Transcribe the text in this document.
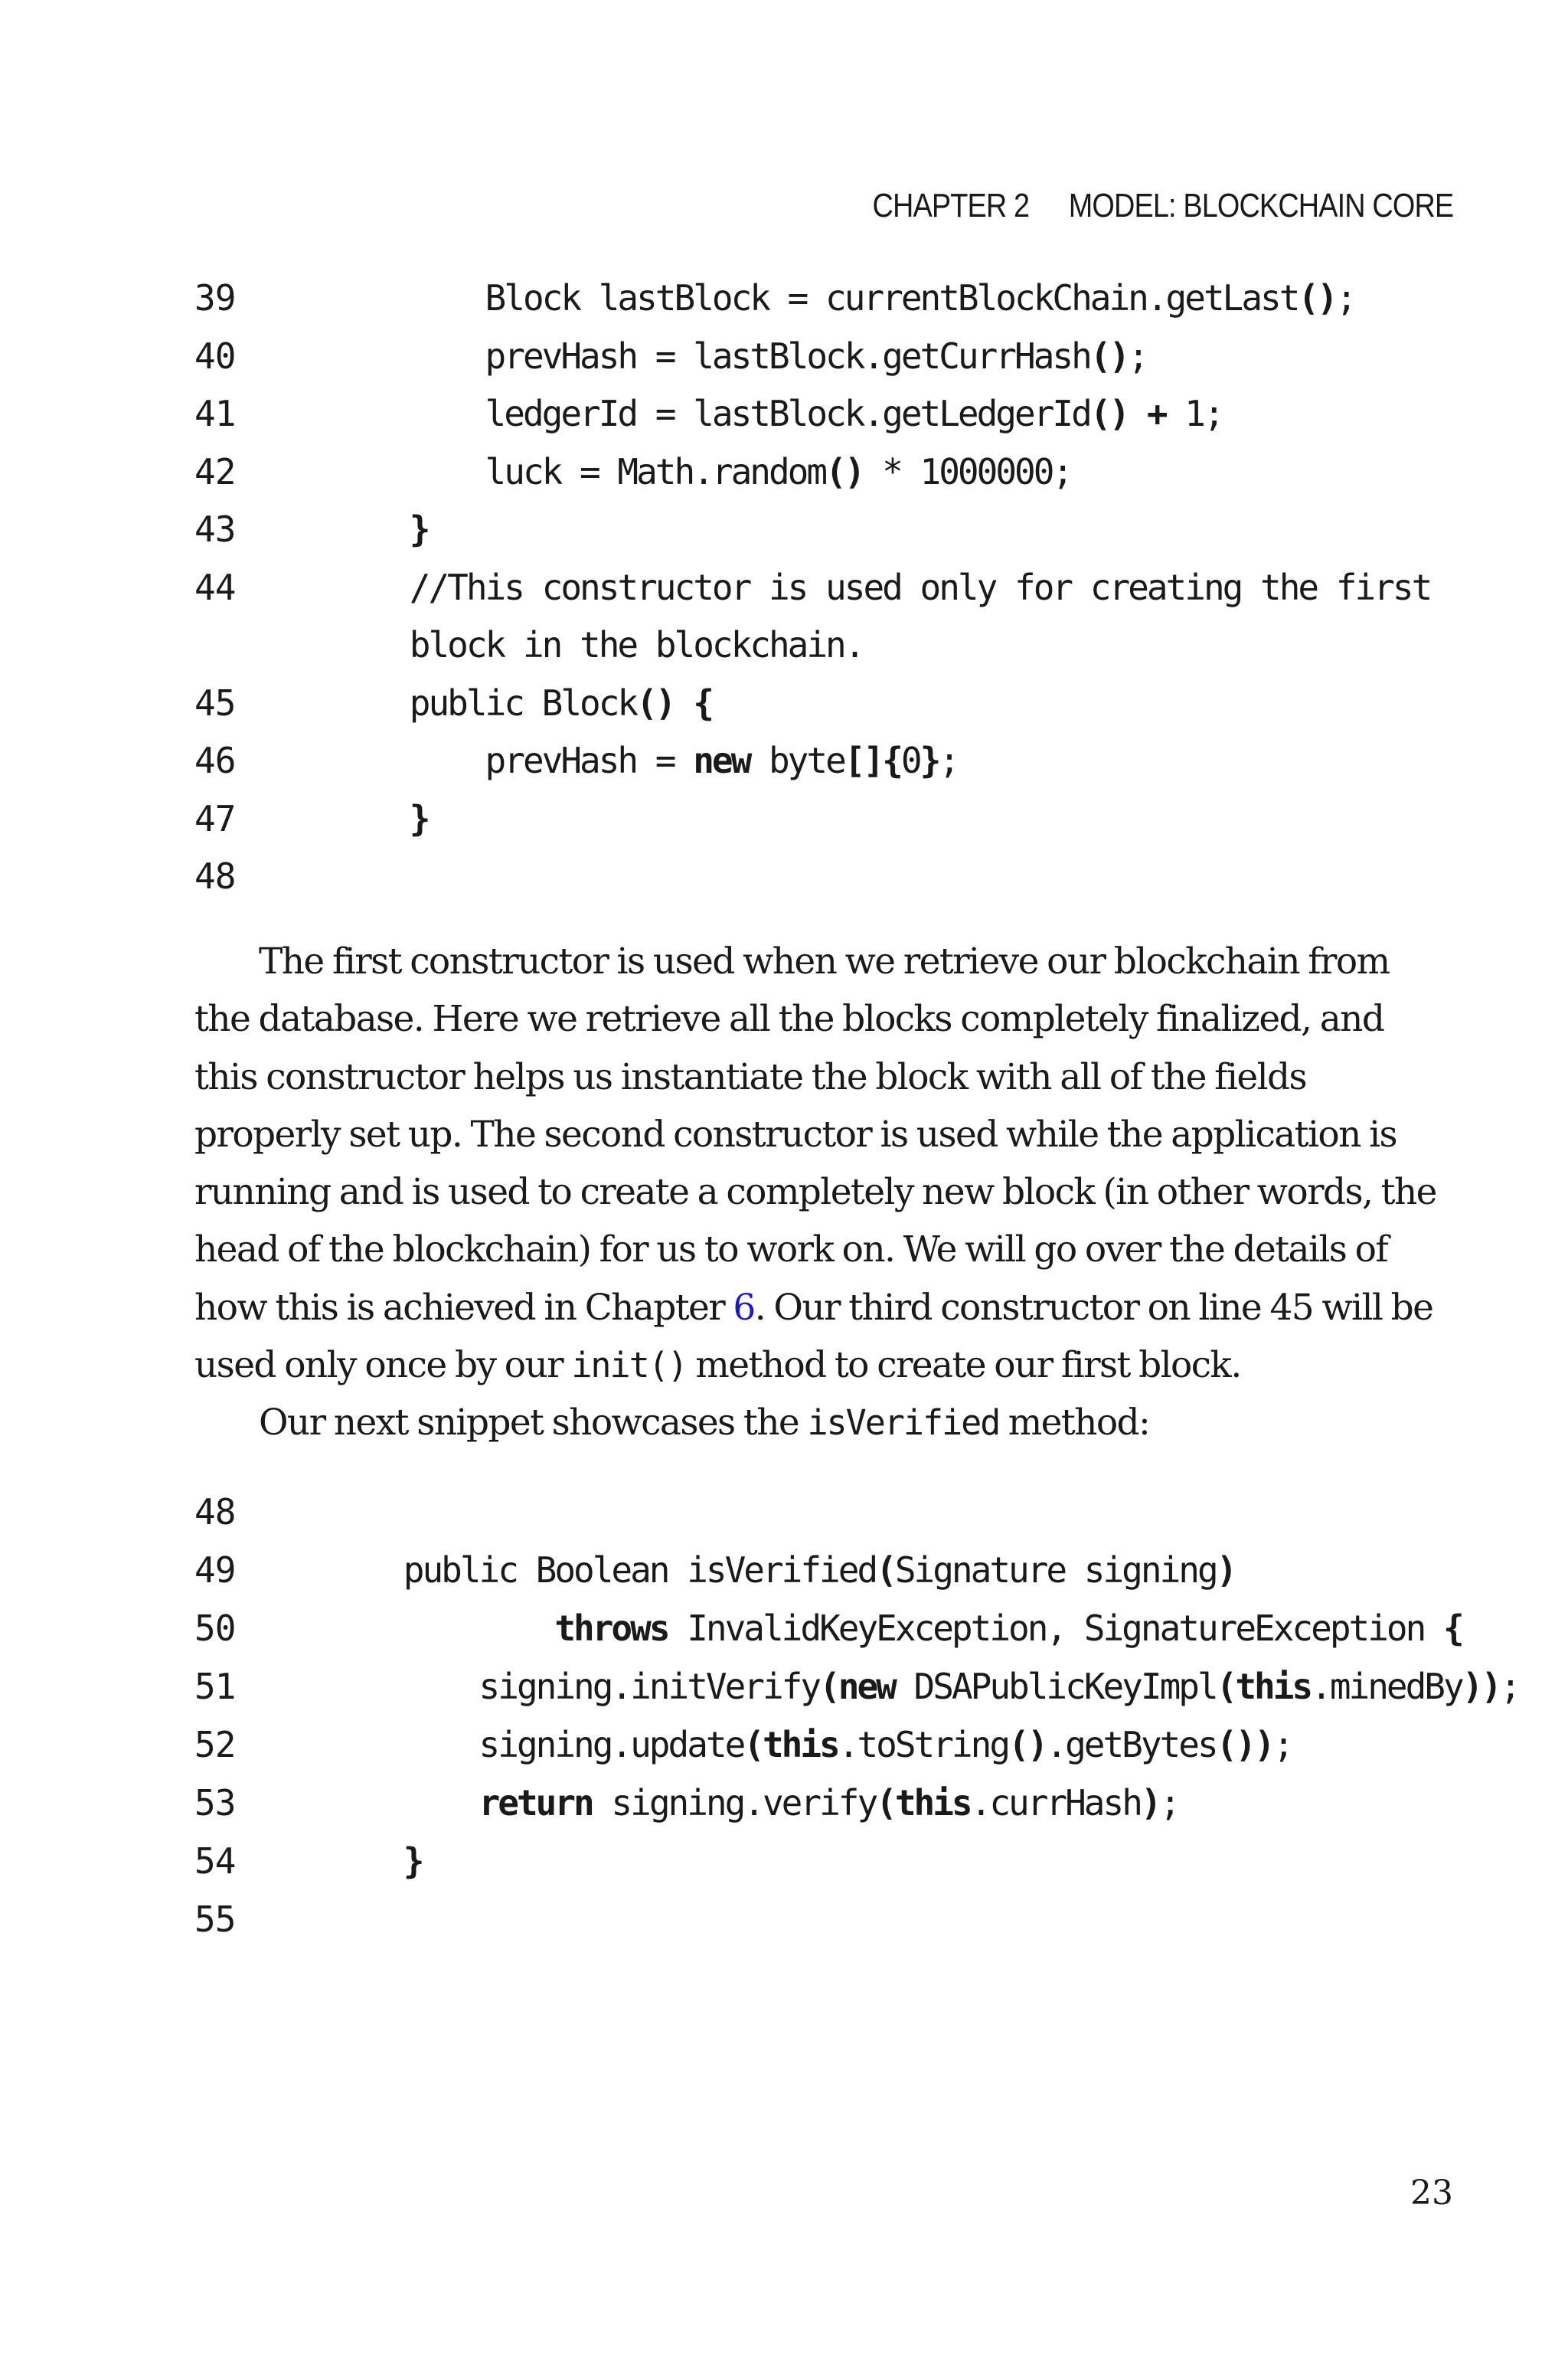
CHAPTER 2 MODEL: BLOCKCHAIN CORE
39	Block lastBlock = currentBlockChain.getLast();
40	prevHash = lastBlock.getCurrHash();
41	ledgerId = lastBlock.getLedgerId() + 1;
42	luck = Math.random() * 1000000;
43	}
44	//This constructor is used only for creating the first
block in the blockchain.
45	public Block() {
46	prevHash = new byte[]{0};
47	}
48

The first constructor is used when we retrieve our blockchain from the database. Here we retrieve all the blocks completely finalized, and this constructor helps us instantiate the block with all of the fields properly set up. The second constructor is used while the application is running and is used to create a completely new block (in other words, the head of the blockchain) for us to work on. We will go over the details of how this is achieved in Chapter 6. Our third constructor on line 45 will be used only once by our init() method to create our first block.

Our next snippet showcases the isVerified method:

48
49	public Boolean isVerified(Signature signing)
50	throws InvalidKeyException, SignatureException {
51	signing.initVerify(new DSAPublicKeyImpl(this.minedBy));
52	signing.update(this.toString().getBytes());
53	return signing.verify(this.currHash);
54	}
55
23
